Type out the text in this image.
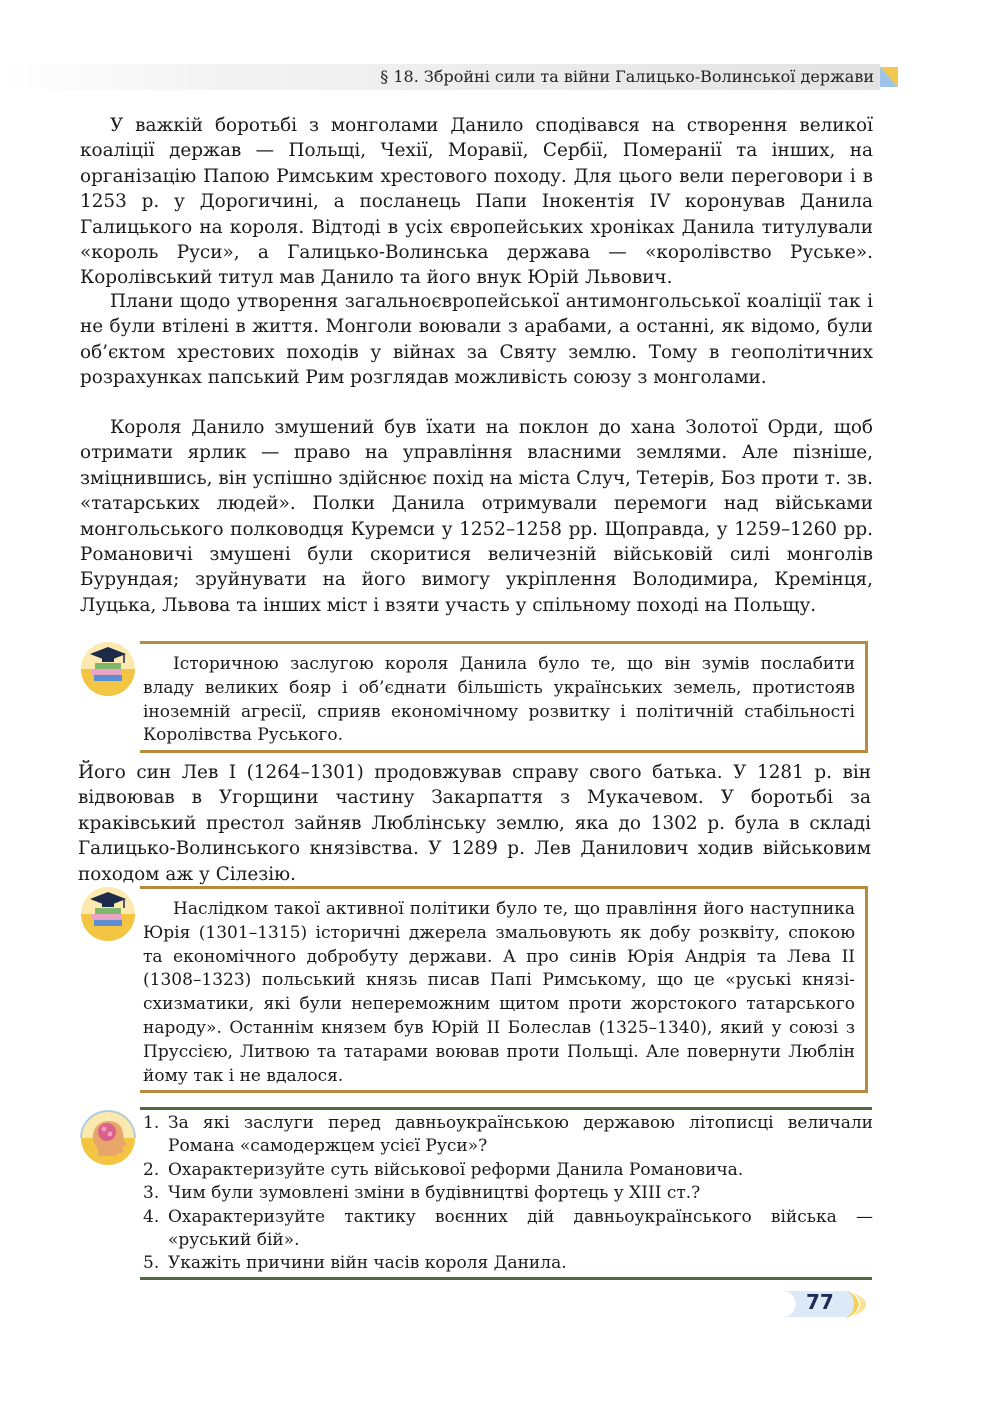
§ 18. Збройні сили та війни Галицько-Волинської держави

У важкій боротьбі з монголами Данило сподівався на створення великої коаліції держав — Польщі, Чехії, Моравії, Сербії, Померанії та інших, на організацію Папою Римським хрестового походу. Для цього вели переговори і в 1253 р. у Дорогичині, а посланець Папи Інокентія IV коронував Данила Галицького на короля. Відтоді в усіх європейських хроніках Данила титулували «король Руси», а Галицько-Волинська держава — «королівство Руське». Королівський титул мав Данило та його внук Юрій Львович.

Плани щодо утворення загальноєвропейської антимонгольської коаліції так і не були втілені в життя. Монголи воювали з арабами, а останні, як відомо, були об’єктом хрестових походів у війнах за Святу землю. Тому в геополітичних розрахунках папський Рим розглядав можливість союзу з монголами.

Короля Данило змушений був їхати на поклон до хана Золотої Орди, щоб отримати ярлик — право на управління власними землями. Але пізніше, зміцнившись, він успішно здійснює похід на міста Случ, Тетерів, Боз проти т. зв. «татарських людей». Полки Данила отримували перемоги над військами монгольського полководця Куремси у 1252–1258 рр. Щоправда, у 1259–1260 рр. Романовичі змушені були скоритися величезній військовій силі монголів Бурундая; зруйнувати на його вимогу укріплення Володимира, Кремінця, Луцька, Львова та інших міст і взяти участь у спільному поході на Польщу.

Історичною заслугою короля Данила було те, що він зумів послабити владу великих бояр і об’єднати більшість українських земель, протистояв іноземній агресії, сприяв економічному розвитку і політичній стабільності Королівства Руського.

Його син Лев І (1264–1301) продовжував справу свого батька. У 1281 р. він відвоював в Угорщини частину Закарпаття з Мукачевом. У боротьбі за краківський престол зайняв Люблінську землю, яка до 1302 р. була в складі Галицько-Волинського князівства. У 1289 р. Лев Данилович ходив військовим походом аж у Сілезію.

Наслідком такої активної політики було те, що правління його наступника Юрія (1301–1315) історичні джерела змальовують як добу розквіту, спокою та економічного добробуту держави. А про синів Юрія Андрія та Лева II (1308–1323) польський князь писав Папі Римському, що це «руські князі-схизматики, які були непереможним щитом проти жорстокого татарського народу». Останнім князем був Юрій II Болеслав (1325–1340), який у союзі з Пруссією, Литвою та татарами воював проти Польщі. Але повернути Люблін йому так і не вдалося.

1. За які заслуги перед давньоукраїнською державою літописці величали Романа «самодержцем усієї Руси»?
2. Охарактеризуйте суть військової реформи Данила Романовича.
3. Чим були зумовлені зміни в будівництві фортець у XIII ст.?
4. Охарактеризуйте тактику воєнних дій давньоукраїнського війська — «руський бій».
5. Укажіть причини війн часів короля Данила.
77
